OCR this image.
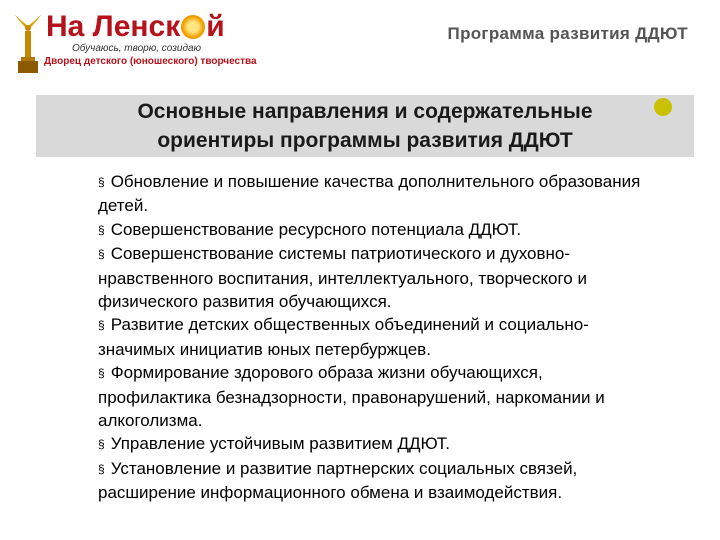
На Ленск й
Обучаюсь, творю, созидаю
Дворец детского (юношеского) творчества
Программа развития ДДЮТ
Основные направления и содержательные
ориентиры программы развития ДДЮТ

§ Обновление и повышение качества дополнительного образования детей.

§ Совершенствование ресурсного потенциала ДДЮТ.

§ Совершенствование системы патриотического и духовно-нравственного воспитания, интеллектуального, творческого и физического развития обучающихся.

§ Развитие детских общественных объединений и социально-значимых инициатив юных петербуржцев.

§ Формирование здорового образа жизни обучающихся, профилактика безнадзорности, правонарушений, наркомании и алкоголизма.

§ Управление устойчивым развитием ДДЮТ.

§ Установление и развитие партнерских социальных связей, расширение информационного обмена и взаимодействия.
